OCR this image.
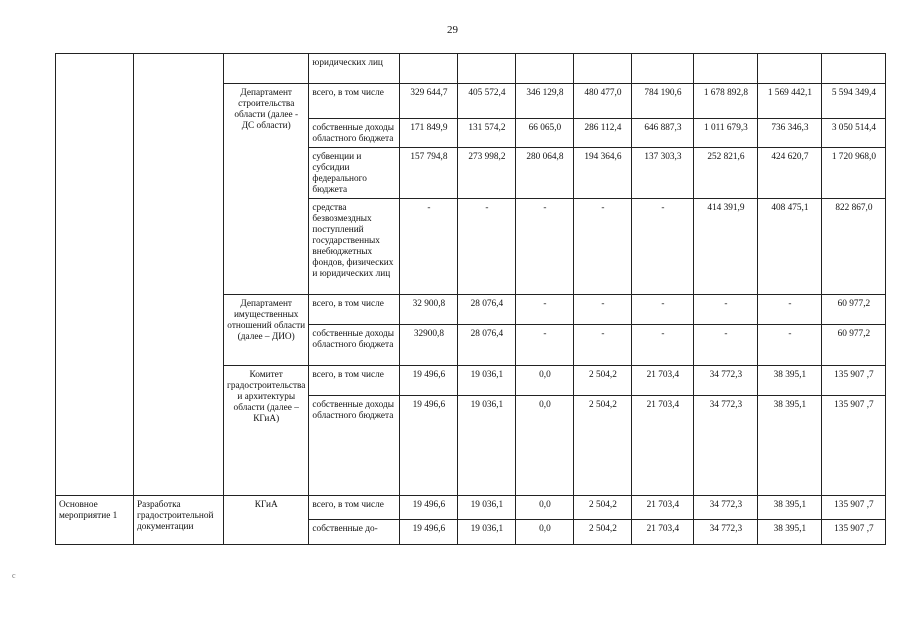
29
c
			юридических лиц								
		Департамент строительства области (далее - ДС области)	всего, в том числе	329 644,7	405 572,4	346 129,8	480 477,0	784 190,6	1 678 892,8	1 569 442,1	5 594 349,4
			собственные доходы областного бюджета	171 849,9	131 574,2	66 065,0	286 112,4	646 887,3	1 011 679,3	736 346,3	3 050 514,4
			субвенции и субсидии федерального бюджета	157 794,8	273 998,2	280 064,8	194 364,6	137 303,3	252 821,6	424 620,7	1 720 968,0
			средства безвозмездных поступлений государственных внебюджетных фондов, физических и юридических лиц	-	-	-	-	-	414 391,9	408 475,1	822 867,0
		Департамент имущественных отношений области (далее – ДИО)	всего, в том числе	32 900,8	28 076,4	-	-	-	-	-	60 977,2
			собственные доходы областного бюджета	32900,8	28 076,4	-	-	-	-	-	60 977,2
		Комитет градостроительства и архитектуры области (далее – КГиА)	всего, в том числе	19 496,6	19 036,1	0,0	2 504,2	21 703,4	34 772,3	38 395,1	135 907 ,7
			собственные доходы областного бюджета	19 496,6	19 036,1	0,0	2 504,2	21 703,4	34 772,3	38 395,1	135 907 ,7
Основное мероприятие 1	Разработка градостроительной документации	КГиА	всего, в том числе	19 496,6	19 036,1	0,0	2 504,2	21 703,4	34 772,3	38 395,1	135 907 ,7
			собственные до-	19 496,6	19 036,1	0,0	2 504,2	21 703,4	34 772,3	38 395,1	135 907 ,7
